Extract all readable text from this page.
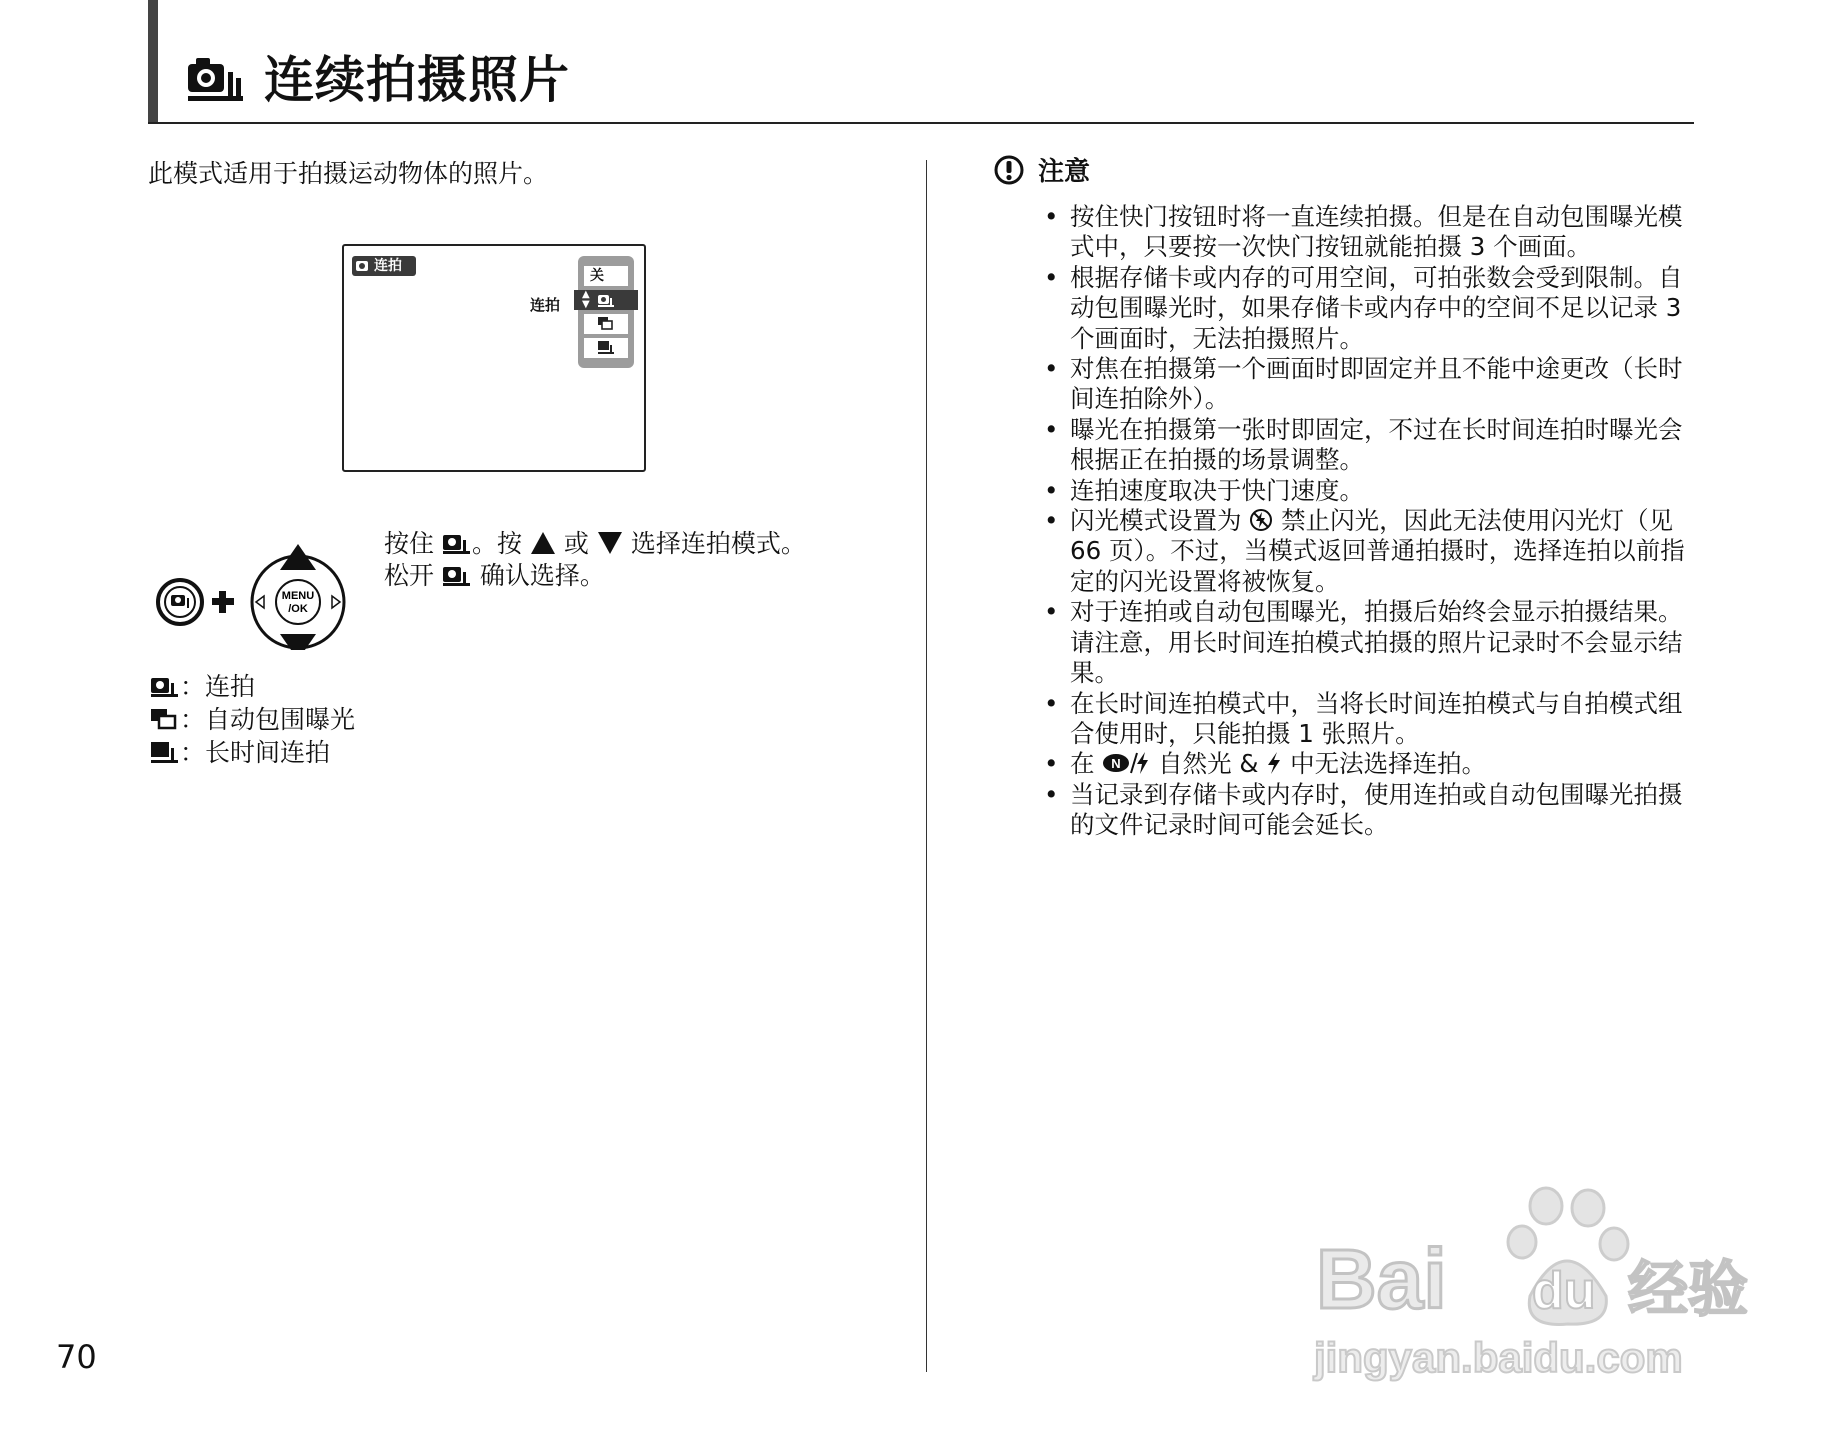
连续拍摄照片
此模式适用于拍摄运动物体的照片。
连拍
连拍
关
▲
▼
MENU
/OK
按住 。按 或 选择连拍模式。
松开 确认选择。
：连拍
：自动包围曝光
：长时间连拍
70
注意
• 按住快门按钮时将一直连续拍摄。但是在自动包围曝光模式中，只要按一次快门按钮就能拍摄 3 个画面。
• 根据存储卡或内存的可用空间，可拍张数会受到限制。自动包围曝光时，如果存储卡或内存中的空间不足以记录 3 个画面时，无法拍摄照片。
• 对焦在拍摄第一个画面时即固定并且不能中途更改（长时间连拍除外）。
• 曝光在拍摄第一张时即固定，不过在长时间连拍时曝光会根据正在拍摄的场景调整。
• 连拍速度取决于快门速度。
• 闪光模式设置为 禁止闪光，因此无法使用闪光灯（见 66 页）。不过，当模式返回普通拍摄时，选择连拍以前指定的闪光设置将被恢复。
• 对于连拍或自动包围曝光，拍摄后始终会显示拍摄结果。请注意，用长时间连拍模式拍摄的照片记录时不会显示结果。
• 在长时间连拍模式中，当将长时间连拍模式与自拍模式组合使用时，只能拍摄 1 张照片。
• 在 N 自然光 & 中无法选择连拍。
• 当记录到存储卡或内存时，使用连拍或自动包围曝光拍摄的文件记录时间可能会延长。
Bai du 经验
jingyan.baidu.com
